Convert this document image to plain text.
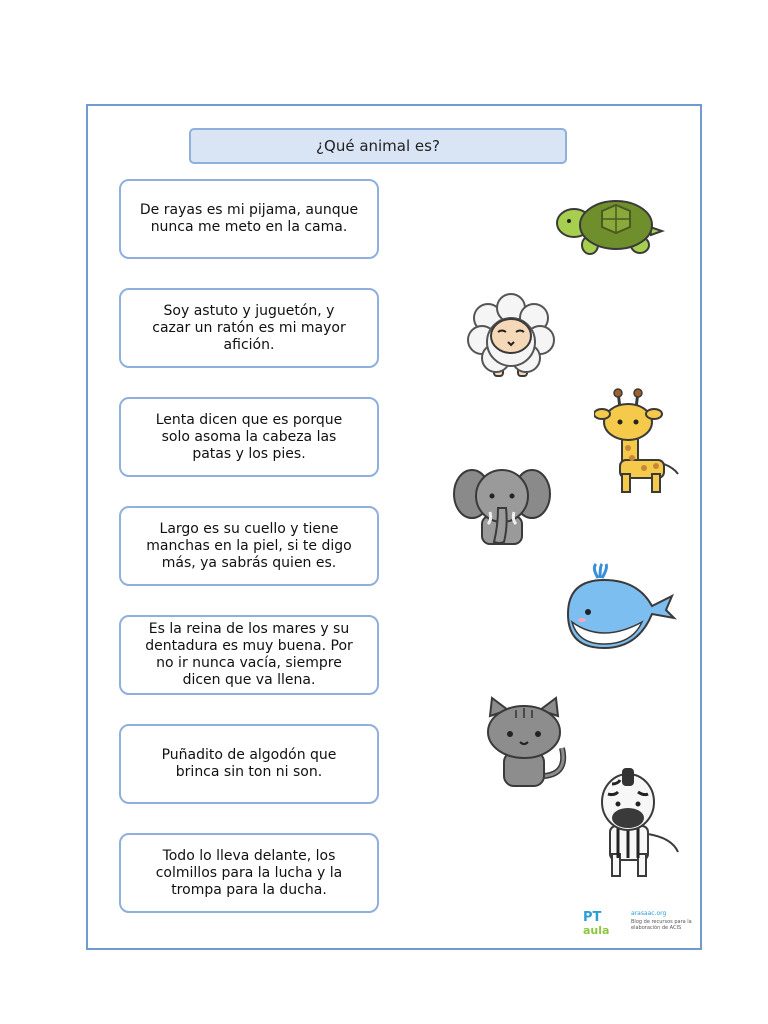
¿Qué animal es?
De rayas es mi pijama, aunque
nunca me meto en la cama.
Soy astuto y juguetón, y
cazar un ratón es mi mayor
afición.
Lenta dicen que es porque
solo asoma la cabeza las
patas y los pies.
Largo es su cuello y tiene
manchas en la piel, si te digo
más, ya sabrás quien es.
Es la reina de los mares y su
dentadura es muy buena. Por
no ir nunca vacía, siempre
dicen que va llena.
Puñadito de algodón que
brinca sin ton ni son.
Todo lo lleva delante, los
colmillos para la lucha y la
trompa para la ducha.
PT
aula
arasaac.org
Blog de recursos para la elaboración de ACIS
